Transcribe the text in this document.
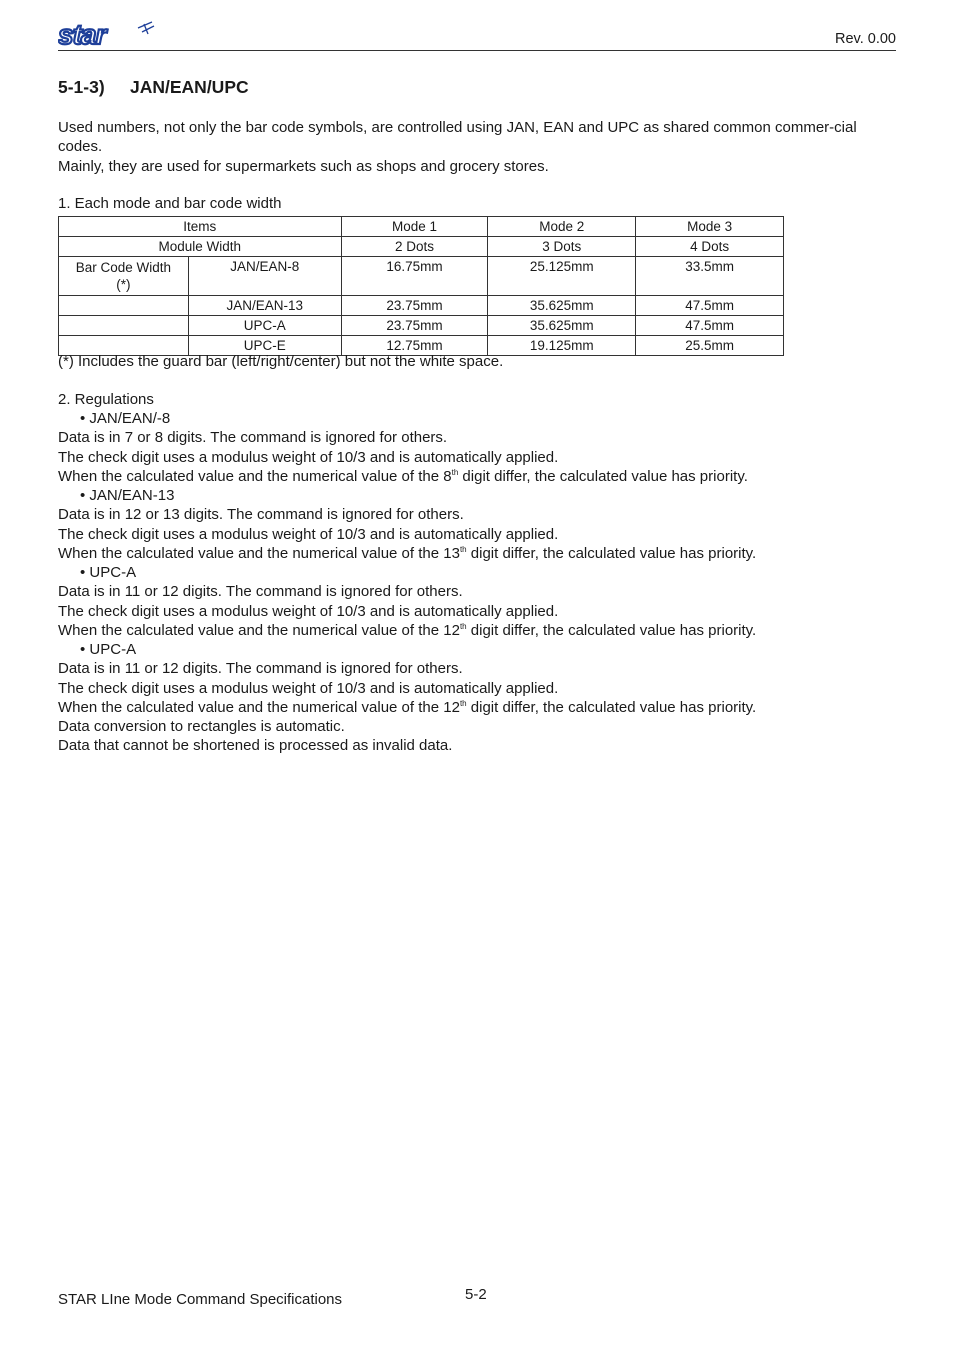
star	Rev. 0.00
5-1-3) JAN/EAN/UPC
Used numbers, not only the bar code symbols, are controlled using JAN, EAN and UPC as shared common commer-cial codes.
Mainly, they are used for supermarkets such as shops and grocery stores.

1. Each mode and bar code width

Items		Mode 1	Mode 2	Mode 3
Module Width		2 Dots	3 Dots	4 Dots
Bar Code Width (*)	JAN/EAN-8	16.75mm	25.125mm	33.5mm
	JAN/EAN-13	23.75mm	35.625mm	47.5mm
	UPC-A	23.75mm	35.625mm	47.5mm
	UPC-E	12.75mm	19.125mm	25.5mm

(*) Includes the guard bar (left/right/center) but not the white space.

2. Regulations

• JAN/EAN/-8
Data is in 7 or 8 digits. The command is ignored for others.
The check digit uses a modulus weight of 10/3 and is automatically applied.
When the calculated value and the numerical value of the 8th digit differ, the calculated value has priority.
• JAN/EAN-13
Data is in 12 or 13 digits. The command is ignored for others.
The check digit uses a modulus weight of 10/3 and is automatically applied.
When the calculated value and the numerical value of the 13th digit differ, the calculated value has priority.
• UPC-A
Data is in 11 or 12 digits. The command is ignored for others.
The check digit uses a modulus weight of 10/3 and is automatically applied.
When the calculated value and the numerical value of the 12th digit differ, the calculated value has priority.
• UPC-A
Data is in 11 or 12 digits. The command is ignored for others.
The check digit uses a modulus weight of 10/3 and is automatically applied.
When the calculated value and the numerical value of the 12th digit differ, the calculated value has priority.
Data conversion to rectangles is automatic.
Data that cannot be shortened is processed as invalid data.
STAR LIne Mode Command Specifications	5-2
